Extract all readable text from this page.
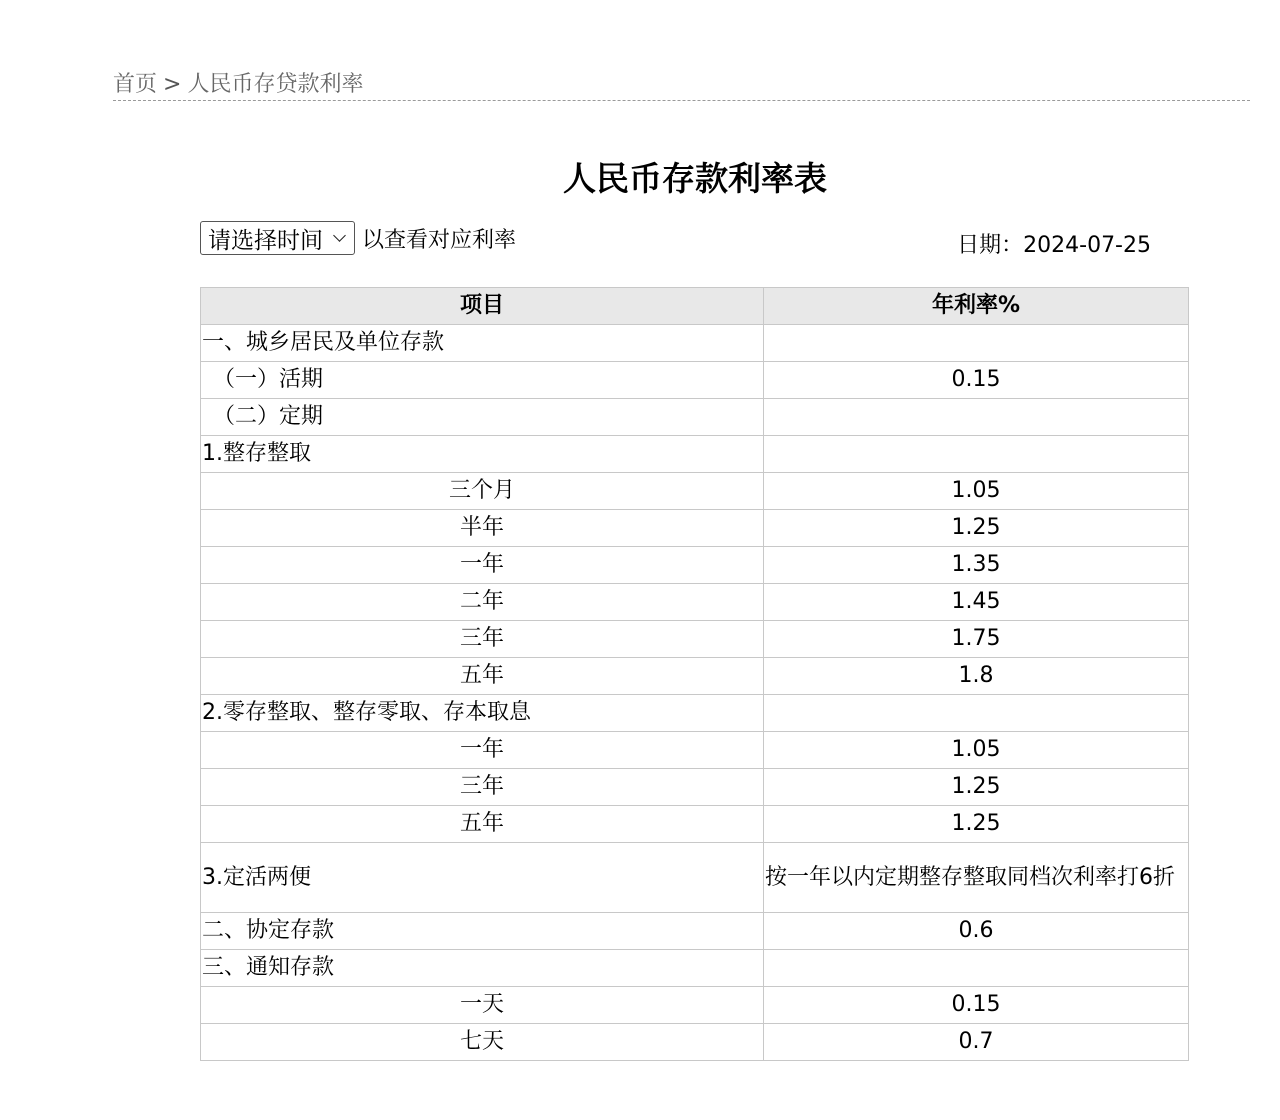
首页 > 人民币存贷款利率
人民币存款利率表
请选择时间 以查看对应利率	日期：2024-07-25
项目	年利率%
一、城乡居民及单位存款	
（一）活期	0.15
（二）定期	
1.整存整取	
三个月	1.05
半年	1.25
一年	1.35
二年	1.45
三年	1.75
五年	1.8
2.零存整取、整存零取、存本取息	
一年	1.05
三年	1.25
五年	1.25
3.定活两便	按一年以内定期整存整取同档次利率打6折
二、协定存款	0.6
三、通知存款	
一天	0.15
七天	0.7
